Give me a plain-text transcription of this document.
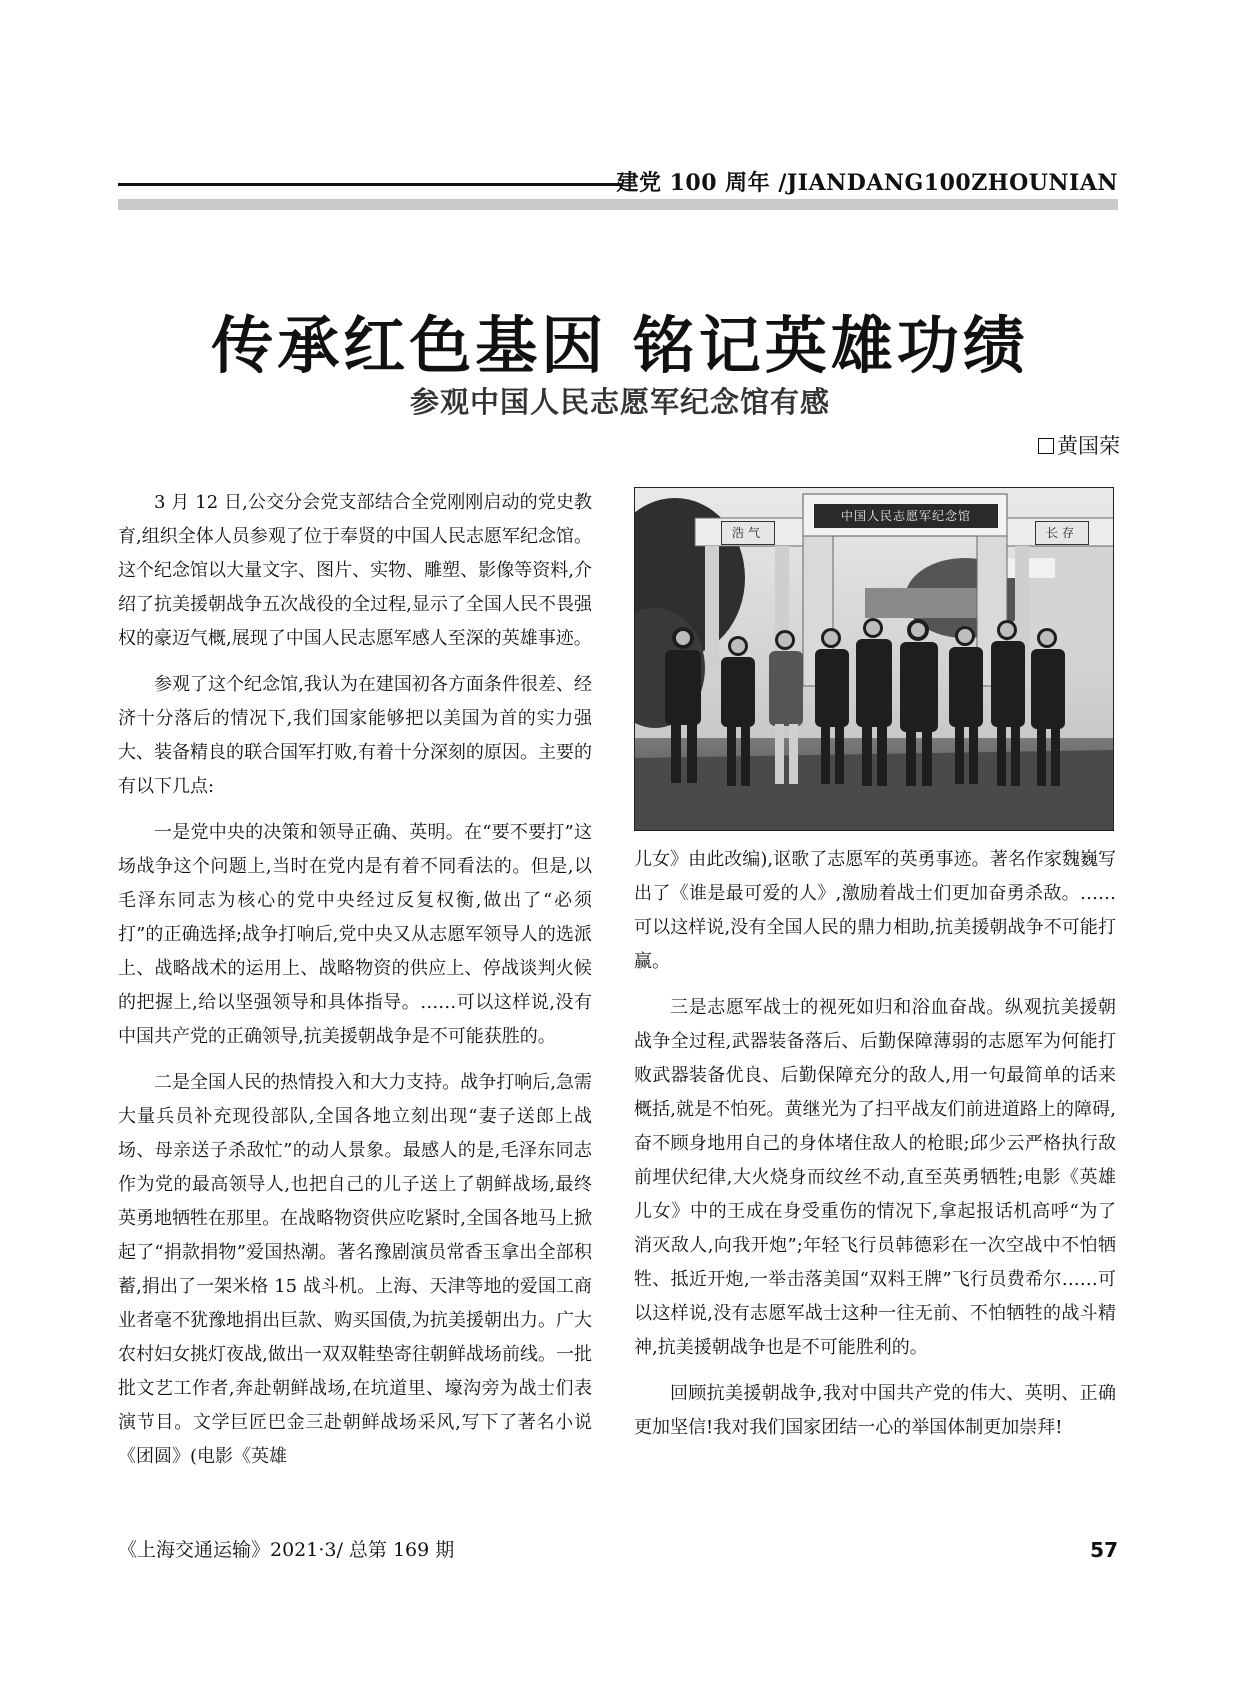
建党 100 周年 /JIANDANG100ZHOUNIAN
传承红色基因 铭记英雄功绩
参观中国人民志愿军纪念馆有感
黄国荣

3 月 12 日,公交分会党支部结合全党刚刚启动的党史教育,组织全体人员参观了位于奉贤的中国人民志愿军纪念馆。这个纪念馆以大量文字、图片、实物、雕塑、影像等资料,介绍了抗美援朝战争五次战役的全过程,显示了全国人民不畏强权的豪迈气概,展现了中国人民志愿军感人至深的英雄事迹。

参观了这个纪念馆,我认为在建国初各方面条件很差、经济十分落后的情况下,我们国家能够把以美国为首的实力强大、装备精良的联合国军打败,有着十分深刻的原因。主要的有以下几点:

一是党中央的决策和领导正确、英明。在“要不要打”这场战争这个问题上,当时在党内是有着不同看法的。但是,以毛泽东同志为核心的党中央经过反复权衡,做出了“必须打”的正确选择;战争打响后,党中央又从志愿军领导人的选派上、战略战术的运用上、战略物资的供应上、停战谈判火候的把握上,给以坚强领导和具体指导。……可以这样说,没有中国共产党的正确领导,抗美援朝战争是不可能获胜的。

二是全国人民的热情投入和大力支持。战争打响后,急需大量兵员补充现役部队,全国各地立刻出现“妻子送郎上战场、母亲送子杀敌忙”的动人景象。最感人的是,毛泽东同志作为党的最高领导人,也把自己的儿子送上了朝鲜战场,最终英勇地牺牲在那里。在战略物资供应吃紧时,全国各地马上掀起了“捐款捐物”爱国热潮。著名豫剧演员常香玉拿出全部积蓄,捐出了一架米格 15 战斗机。上海、天津等地的爱国工商业者毫不犹豫地捐出巨款、购买国债,为抗美援朝出力。广大农村妇女挑灯夜战,做出一双双鞋垫寄往朝鲜战场前线。一批批文艺工作者,奔赴朝鲜战场,在坑道里、壕沟旁为战士们表演节目。文学巨匠巴金三赴朝鲜战场采风,写下了著名小说《团圆》(电影《英雄

中国人民志愿军纪念馆
浩气	长存

儿女》由此改编),讴歌了志愿军的英勇事迹。著名作家魏巍写出了《谁是最可爱的人》,激励着战士们更加奋勇杀敌。……可以这样说,没有全国人民的鼎力相助,抗美援朝战争不可能打赢。

三是志愿军战士的视死如归和浴血奋战。纵观抗美援朝战争全过程,武器装备落后、后勤保障薄弱的志愿军为何能打败武器装备优良、后勤保障充分的敌人,用一句最简单的话来概括,就是不怕死。黄继光为了扫平战友们前进道路上的障碍,奋不顾身地用自己的身体堵住敌人的枪眼;邱少云严格执行敌前埋伏纪律,大火烧身而纹丝不动,直至英勇牺牲;电影《英雄儿女》中的王成在身受重伤的情况下,拿起报话机高呼“为了消灭敌人,向我开炮”;年轻飞行员韩德彩在一次空战中不怕牺牲、抵近开炮,一举击落美国“双料王牌”飞行员费希尔……可以这样说,没有志愿军战士这种一往无前、不怕牺牲的战斗精神,抗美援朝战争也是不可能胜利的。

回顾抗美援朝战争,我对中国共产党的伟大、英明、正确更加坚信!我对我们国家团结一心的举国体制更加崇拜!

《上海交通运输》2021·3/ 总第 169 期	57
